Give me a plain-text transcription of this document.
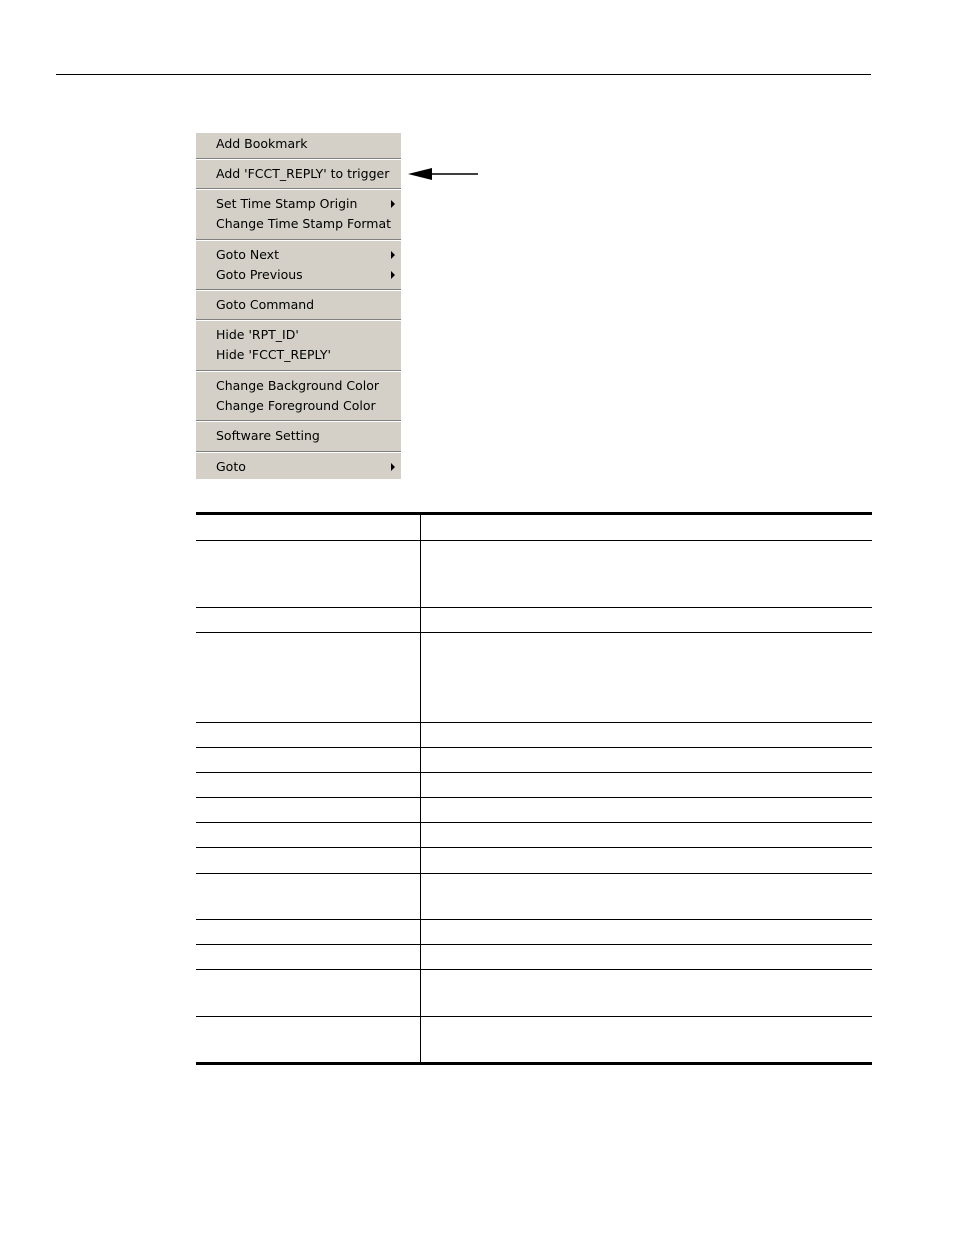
Add Bookmark
Add 'FCCT_REPLY' to trigger
Set Time Stamp Origin
Change Time Stamp Format
Goto Next
Goto Previous
Goto Command
Hide 'RPT_ID'
Hide 'FCCT_REPLY'
Change Background Color
Change Foreground Color
Software Setting
Goto
